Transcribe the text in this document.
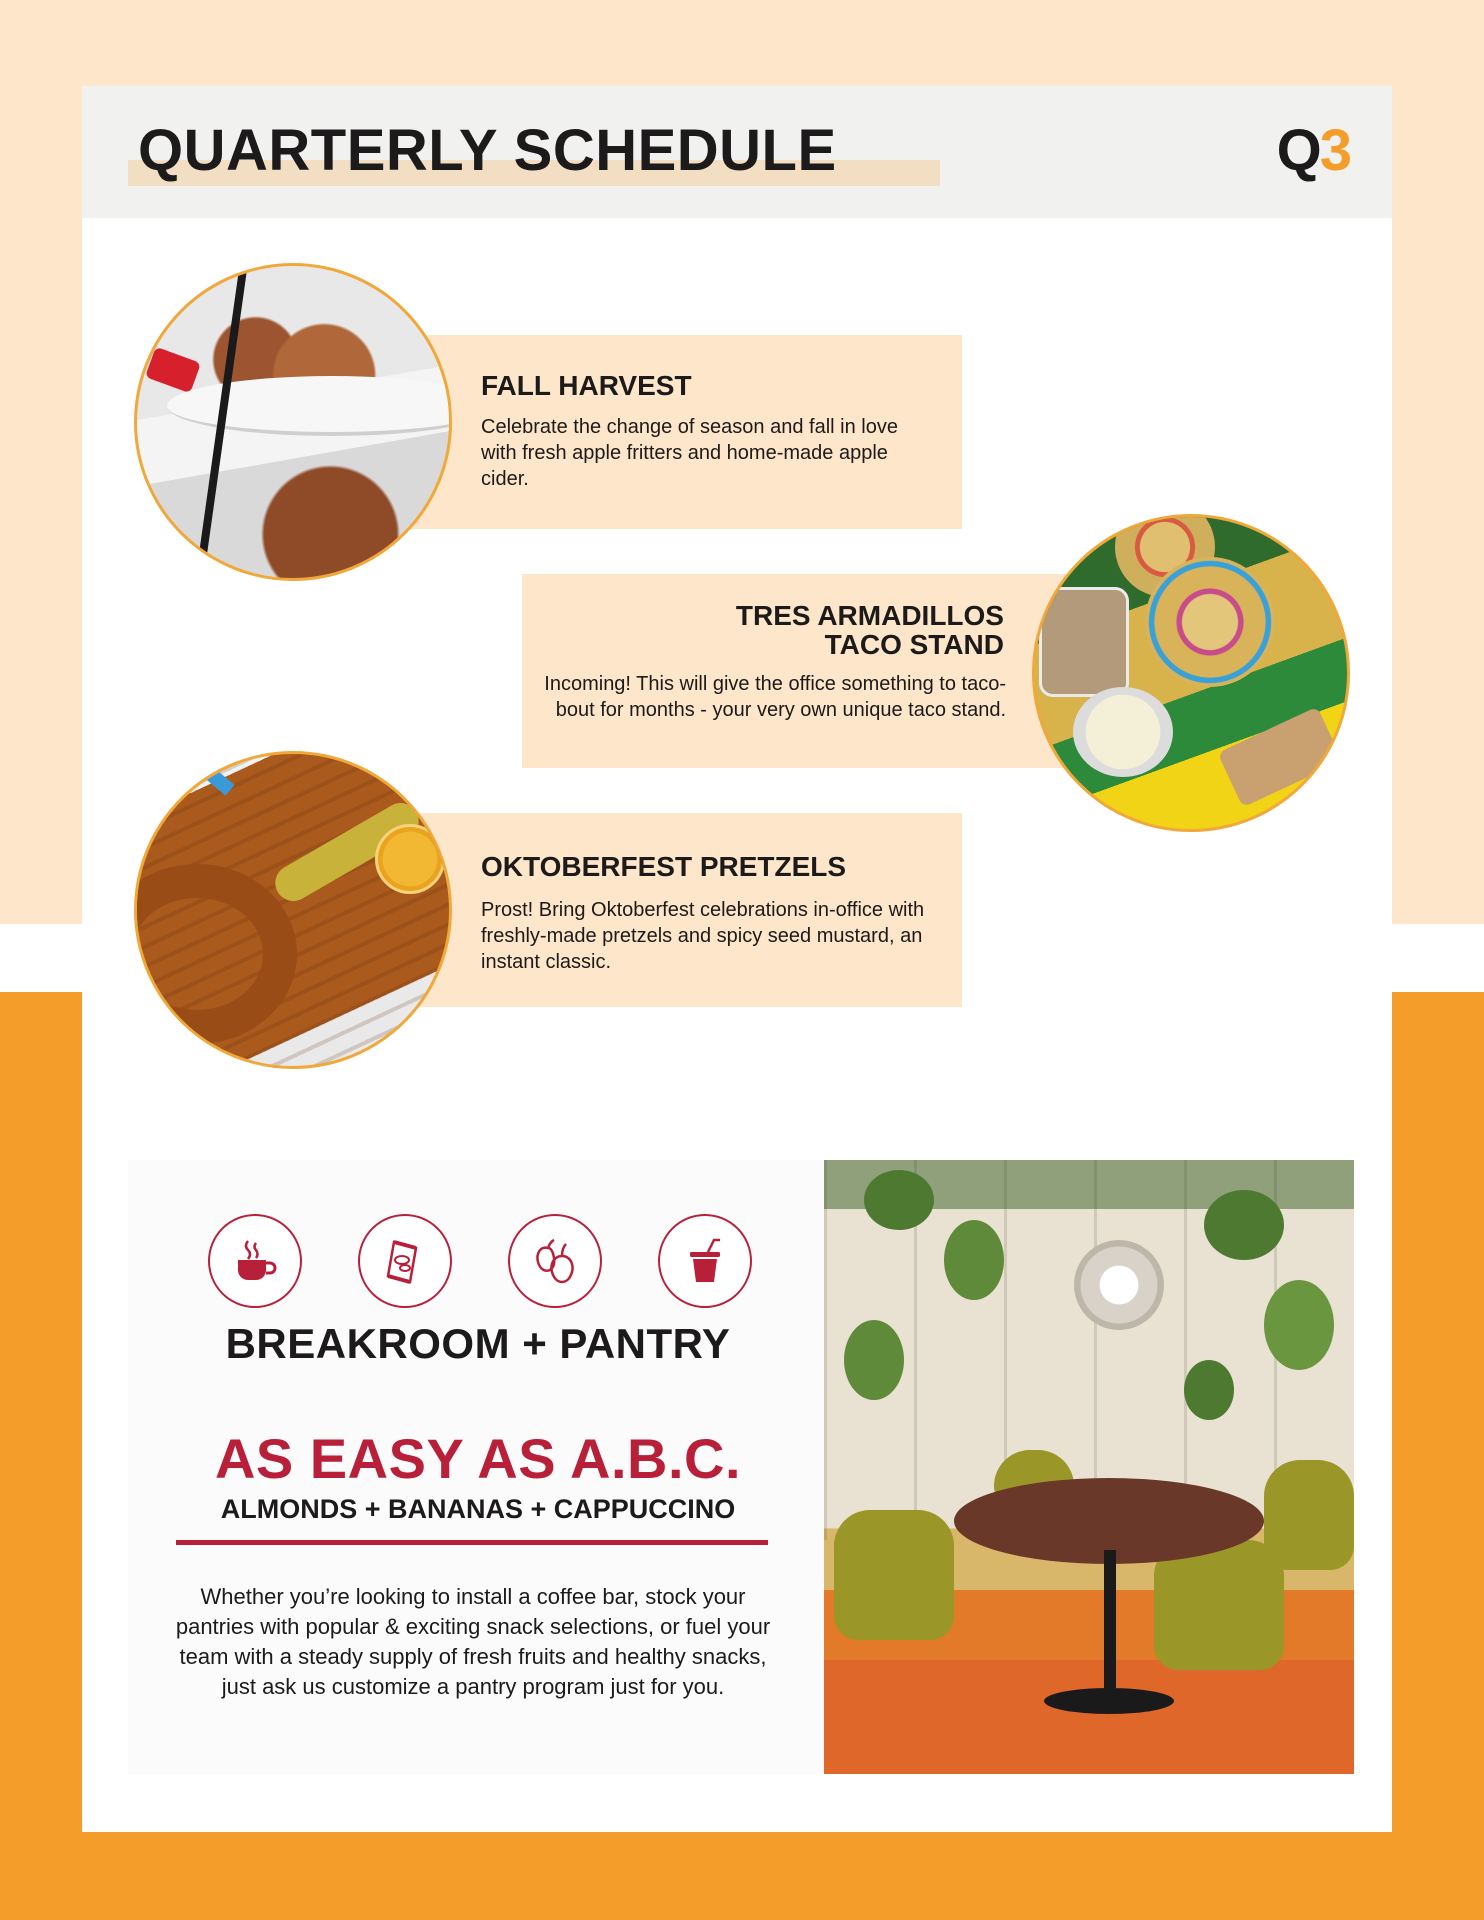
QUARTERLY SCHEDULE	Q3
FALL HARVEST
Celebrate the change of season and fall in love with fresh apple fritters and home-made apple cider.
TRES ARMADILLOS
TACO STAND
Incoming! This will give the office something to taco-bout for months - your very own unique taco stand.
OKTOBERFEST PRETZELS
Prost! Bring Oktoberfest celebrations in-office with freshly-made pretzels and spicy seed mustard, an instant classic.
BREAKROOM + PANTRY
AS EASY AS A.B.C.
ALMONDS + BANANAS + CAPPUCCINO
Whether you’re looking to install a coffee bar, stock your pantries with popular & exciting snack selections, or fuel your team with a steady supply of fresh fruits and healthy snacks, just ask us customize a pantry program just for you.
